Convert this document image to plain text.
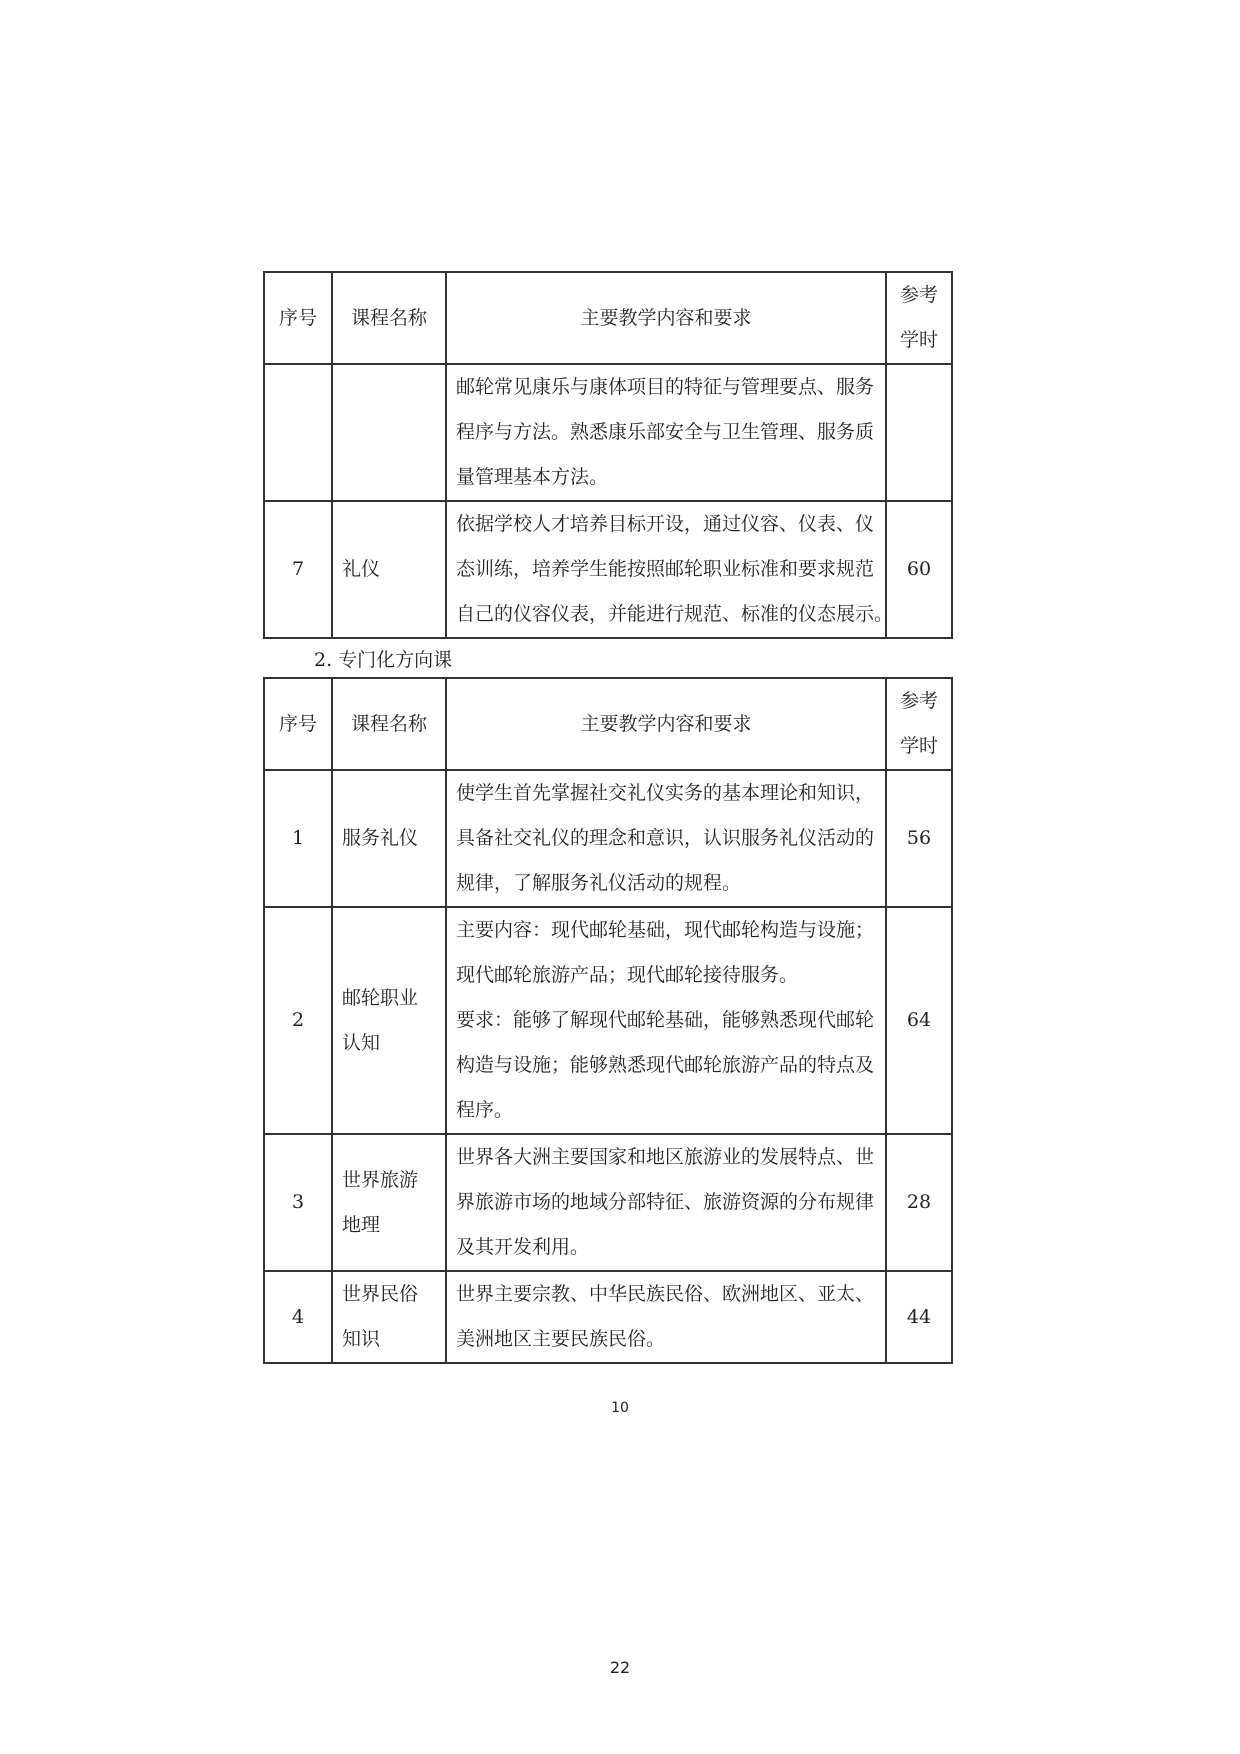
序号	课程名称	主要教学内容和要求	参考
学时

		邮轮常见康乐与康体项目的特征与管理要点、服务
程序与方法。熟悉康乐部安全与卫生管理、服务质
量管理基本方法。	

7	礼仪	依据学校人才培养目标开设，通过仪容、仪表、仪
态训练，培养学生能按照邮轮职业标准和要求规范
自己的仪容仪表，并能进行规范、标准的仪态展示。	60
2. 专门化方向课
序号	课程名称	主要教学内容和要求	参考
学时

1	服务礼仪	使学生首先掌握社交礼仪实务的基本理论和知识，
具备社交礼仪的理念和意识，认识服务礼仪活动的
规律，了解服务礼仪活动的规程。	56
2	邮轮职业
认知	主要内容：现代邮轮基础，现代邮轮构造与设施；
现代邮轮旅游产品；现代邮轮接待服务。
要求：能够了解现代邮轮基础，能够熟悉现代邮轮
构造与设施；能够熟悉现代邮轮旅游产品的特点及
程序。	64
3	世界旅游
地理	世界各大洲主要国家和地区旅游业的发展特点、世
界旅游市场的地域分部特征、旅游资源的分布规律
及其开发利用。	28
4	世界民俗
知识	世界主要宗教、中华民族民俗、欧洲地区、亚太、
美洲地区主要民族民俗。	44
10
22
